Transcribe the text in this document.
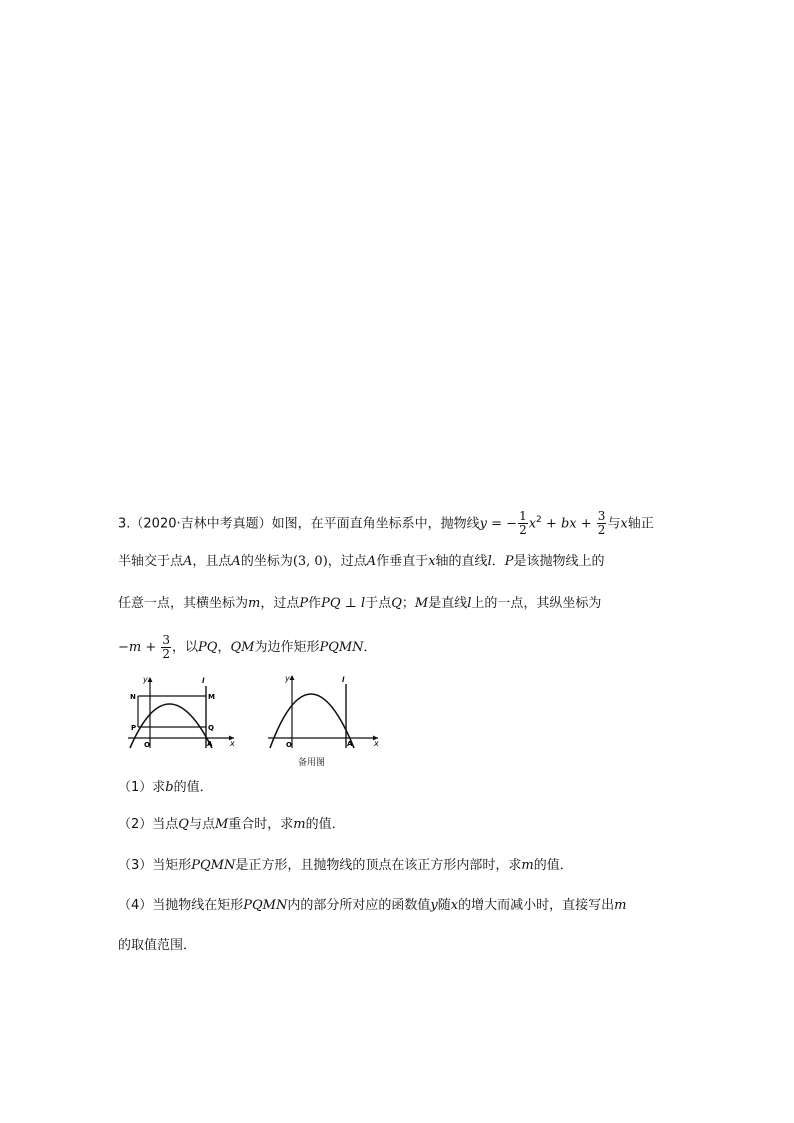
3.（2020·吉林中考真题）如图，在平面直角坐标系中，抛物线y = − $\frac{1}{2} x^2$ + bx + $\frac{3}{2}$ 与x轴正
半轴交于点A，且点A的坐标为(3, 0)，过点A作垂直于x轴的直线l．P是该抛物线上的
任意一点，其横坐标为m，过点P作PQ ⊥ l于点Q；M是直线l上的一点，其纵坐标为
$-m + \frac{3}{2}$ ，以PQ，QM为边作矩形PQMN．
y
x
O	A
l
N	M
P	Q
y
x
O	A
l
备用图
（1）求b的值．
（2）当点Q与点M重合时，求m的值．
（3）当矩形PQMN是正方形，且抛物线的顶点在该正方形内部时，求m的值．
（4）当抛物线在矩形PQMN内的部分所对应的函数值y随x的增大而减小时，直接写出m
的取值范围．
